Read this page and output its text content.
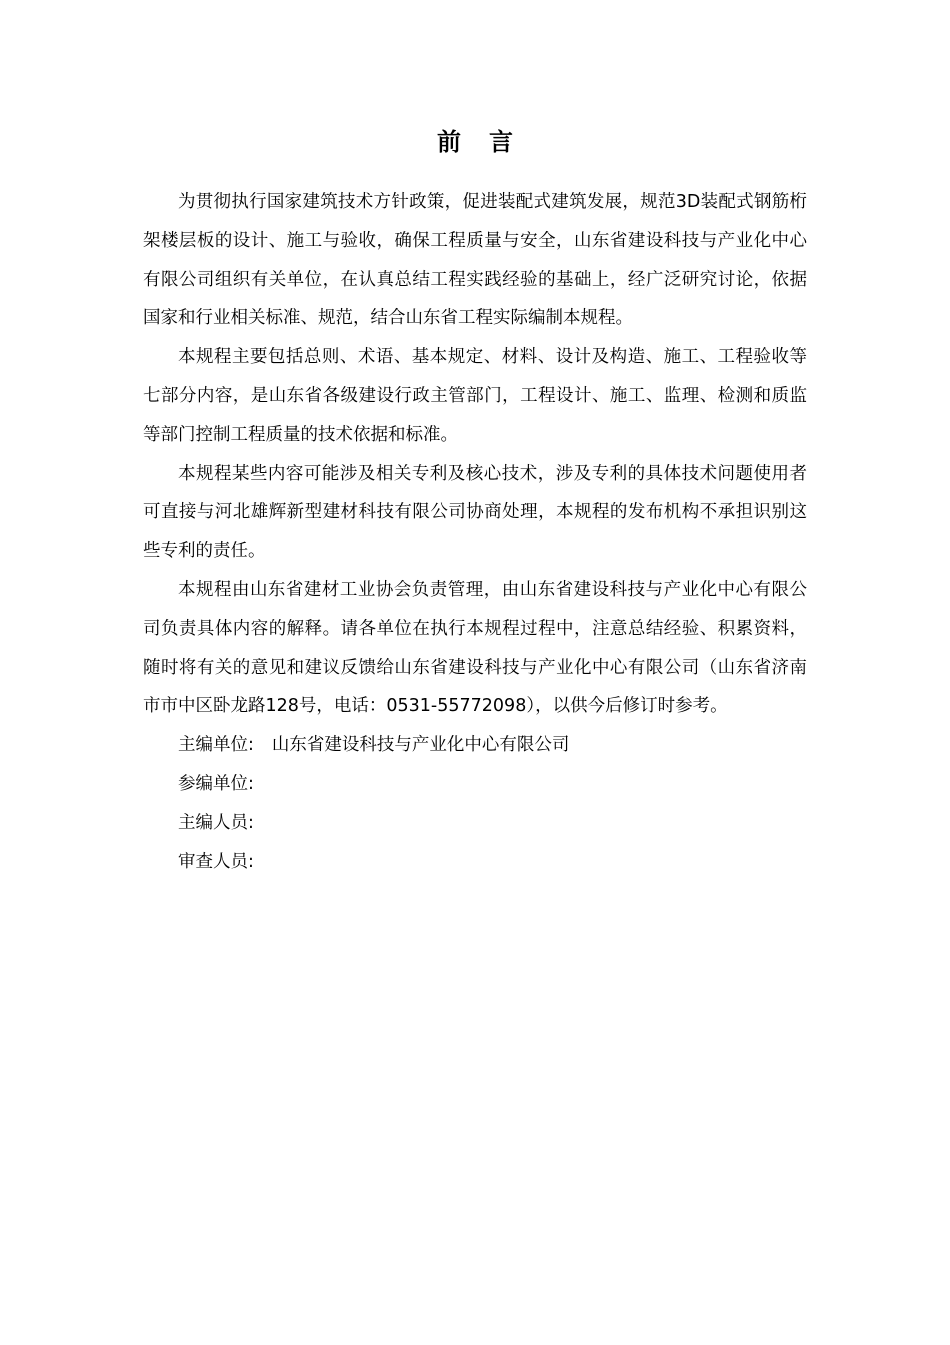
前言

为贯彻执行国家建筑技术方针政策，促进装配式建筑发展，规范3D装配式钢筋桁架楼层板的设计、施工与验收，确保工程质量与安全，山东省建设科技与产业化中心有限公司组织有关单位，在认真总结工程实践经验的基础上，经广泛研究讨论，依据国家和行业相关标准、规范，结合山东省工程实际编制本规程。

本规程主要包括总则、术语、基本规定、材料、设计及构造、施工、工程验收等七部分内容，是山东省各级建设行政主管部门，工程设计、施工、监理、检测和质监等部门控制工程质量的技术依据和标准。

本规程某些内容可能涉及相关专利及核心技术，涉及专利的具体技术问题使用者可直接与河北雄辉新型建材科技有限公司协商处理，本规程的发布机构不承担识别这些专利的责任。

本规程由山东省建材工业协会负责管理，由山东省建设科技与产业化中心有限公司负责具体内容的解释。请各单位在执行本规程过程中，注意总结经验、积累资料，随时将有关的意见和建议反馈给山东省建设科技与产业化中心有限公司（山东省济南市市中区卧龙路128号，电话：0531-55772098），以供今后修订时参考。

主编单位: 山东省建设科技与产业化中心有限公司

参编单位:

主编人员:

审查人员:
